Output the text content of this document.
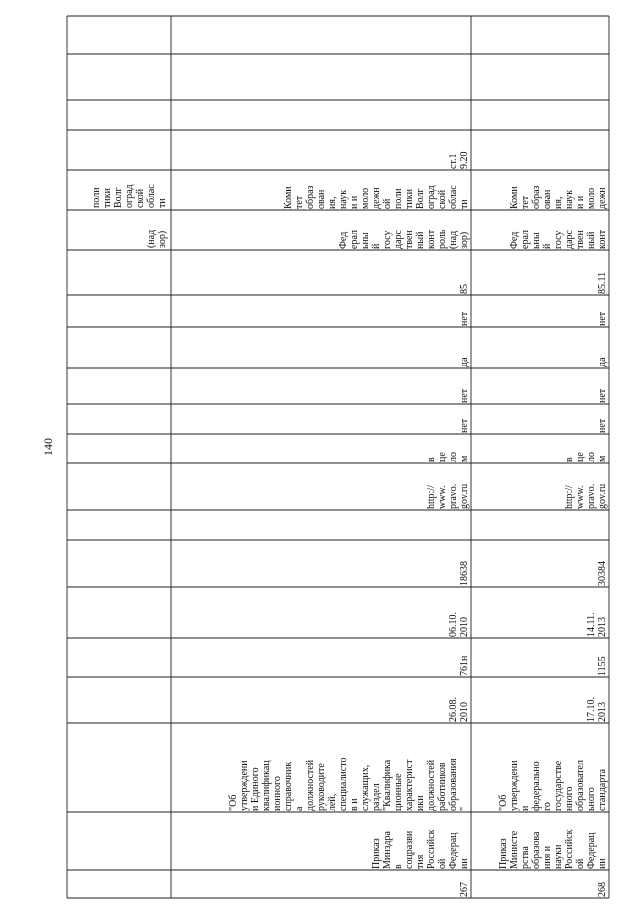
140
(над
зор)
поли
тики
Волг
оград
ской
облас
ти
267
Приказ
Минздра
в
соцразви
тия
Российск
ой
Федерац
ии
"Об
утверждени
и Единого
квалификац
ионного
справочник
а
должностей
руководите
лей,
специалисто
в и
служащих,
раздел
"Квалифика
ционные
характерист
ики
должностей
работников
образования
"
26.08.
2010
761н
06.10.
2010
18638
http://
www.
pravo.
gov.ru
в
це
ло
м
нет
нет
да
нет
85
Фед
ерал
ьны
й
госу
дарс
твен
ный
конт
роль
(над
зор)
Коми
тет
образ
ован
ия,
наук
и и
моло
дежн
ой
поли
тики
Волг
оград
ской
облас
ти
ст.1
9.20
268
Приказ
Министе
рства
образова
ния и
науки
Российск
ой
Федерац
ии
"Об
утверждени
и
федерально
го
государстве
нного
образовател
ьного
стандарта
17.10.
2013
1155
14.11.
2013
30384
http://
www.
pravo.
gov.ru
в
це
ло
м
нет
нет
да
нет
85.11
Фед
ерал
ьны
й
госу
дарс
твен
ный
конт
Коми
тет
образ
ован
ия,
наук
и и
моло
дежн
